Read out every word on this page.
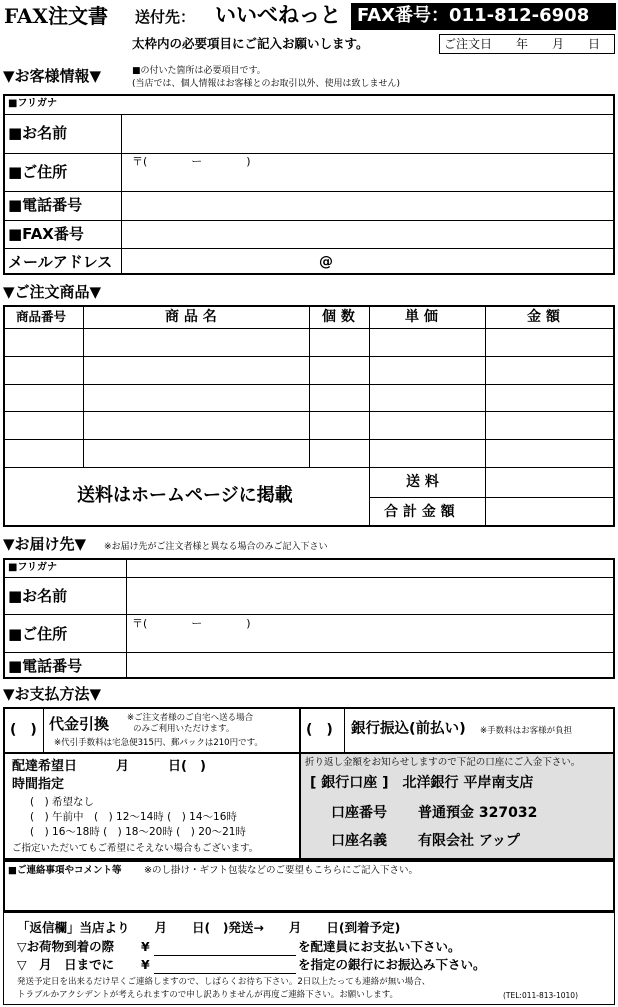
FAX注文書 送付先： いいべねっと FAX番号：011-812-6908
太枠内の必要項目にご記入お願いします。	ご注文日　　年　　月　　日
▼お客様情報▼	■の付いた箇所は必要項目です。
(当店では、個人情報はお客様とのお取引以外、使用は致しません)
■フリガナ
■お名前
■ご住所
〒(　　　　ー　　　　)
■電話番号
■FAX番号
メールアドレス	@
▼ご注文商品▼
商品番号	商 品 名	個 数	単 価	金 額
送料はホームページに掲載
送 料
合 計 金 額
▼お届け先▼ ※お届け先がご注文者様と異なる場合のみご記入下さい
■フリガナ
■お名前
■ご住所
〒(　　　　ー　　　　)
■電話番号
▼お支払方法▼
(　) 代金引換 ※ご注文者様のご自宅へ送る場合
のみご利用いただけます。
※代引手数料は宅急便315円、郵パックは210円です。
(　) 銀行振込(前払い) ※手数料はお客様が負担
配達希望日　　　月　　　日(　)
時間指定
(　) 希望なし
(　) 午前中　(　) 12～14時 (　) 14～16時
(　) 16～18時 (　) 18～20時 (　) 20～21時
ご指定いただいてもご希望にそえない場合もございます。
折り返し金額をお知らせしますので下記の口座にご入金下さい。
[ 銀行口座 ]　北洋銀行 平岸南支店
口座番号 普通預金 327032
口座名義 有限会社 アップ
■ご連絡事項やコメント等 ※のし掛け・ギフト包装などのご要望もこちらにご記入下さい。
「返信欄」当店より　　月　　日(　)発送→　　月　　日(到着予定)
▽お荷物到着の際 ¥	を配達員にお支払い下さい。
▽　月　日までに ¥	を指定の銀行にお振込み下さい。
発送予定日を出来るだけ早くご連絡しますので、しばらくお待ち下さい。2日以上たっても連絡が無い場合、
トラブルかアクシデントが考えられますので申し訳ありませんが再度ご連絡下さい。お願いします。	(TEL:011-813-1010)
